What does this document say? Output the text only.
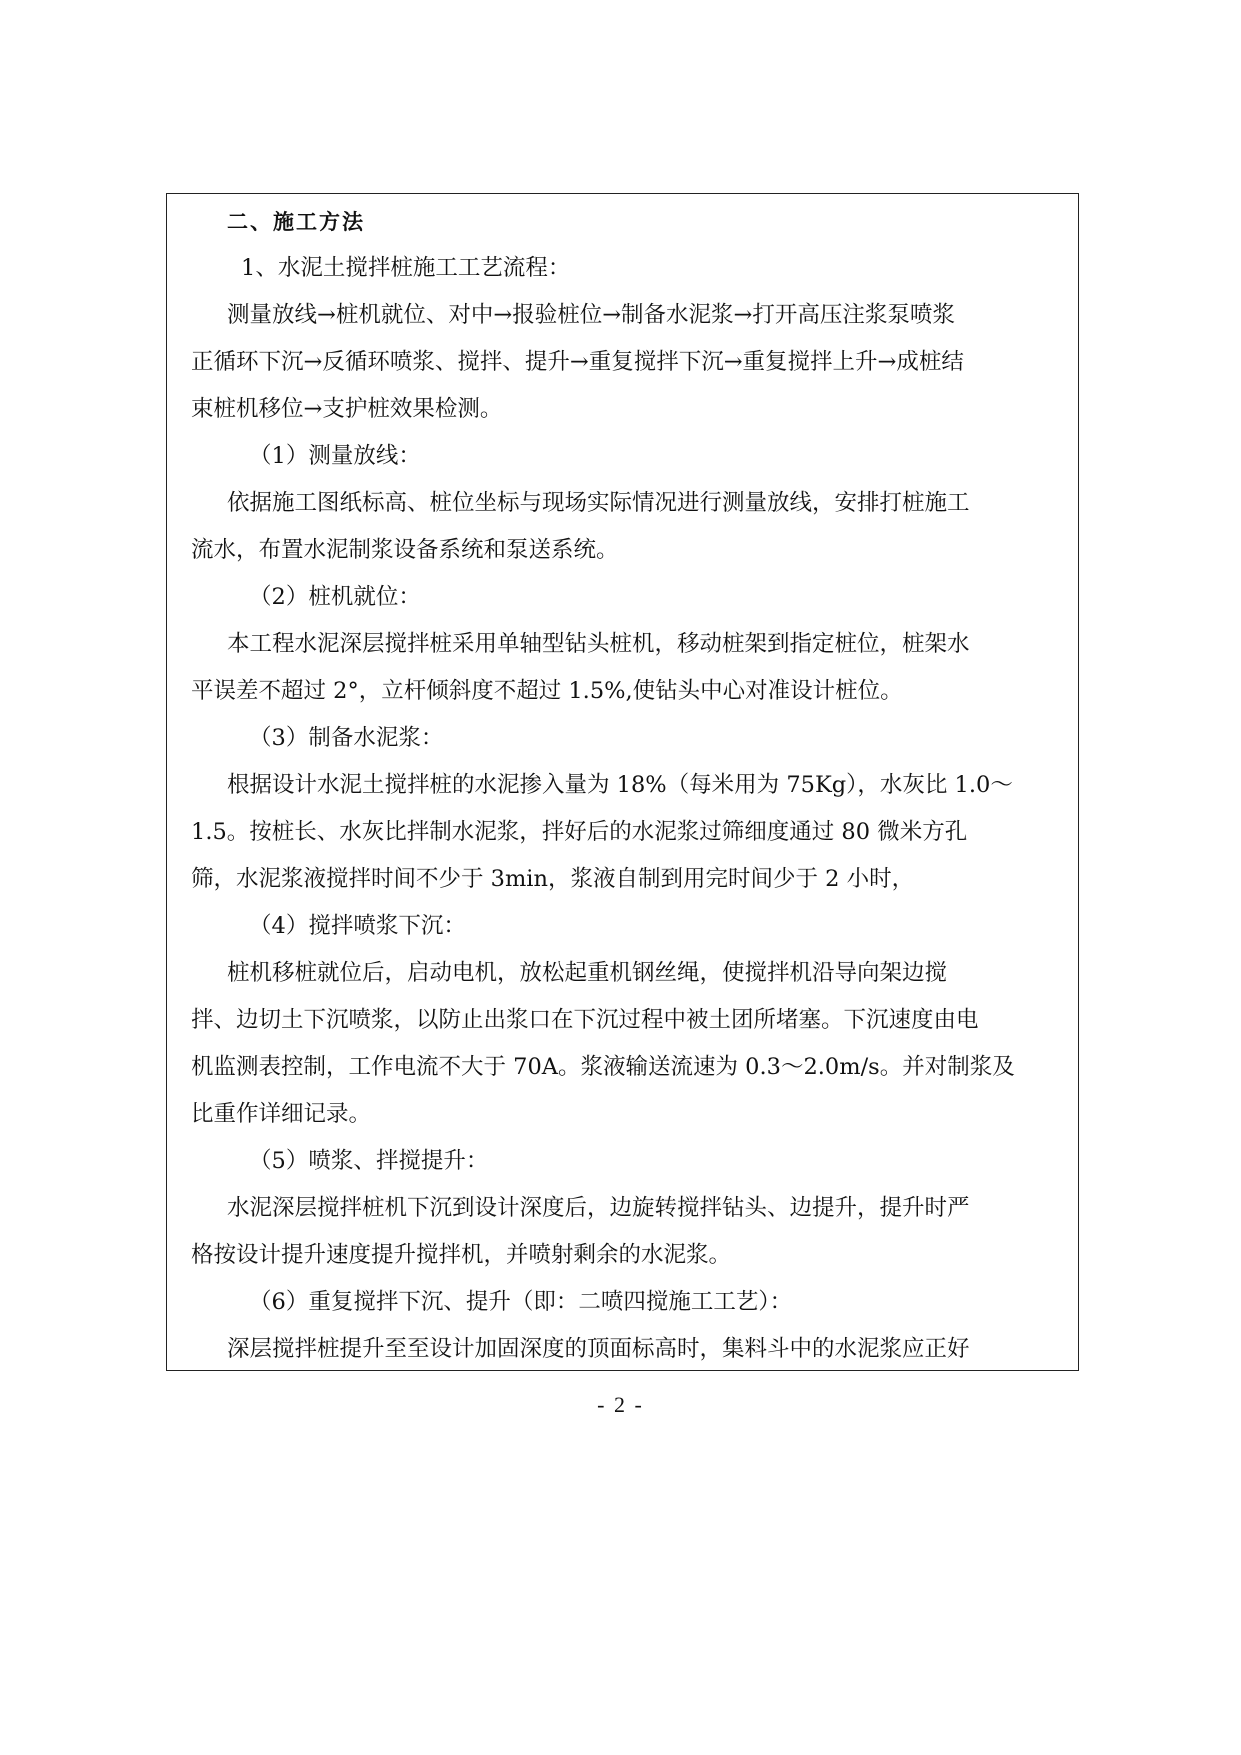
二、施工方法

1、水泥土搅拌桩施工工艺流程：

测量放线→桩机就位、对中→报验桩位→制备水泥浆→打开高压注浆泵喷浆

正循环下沉→反循环喷浆、搅拌、提升→重复搅拌下沉→重复搅拌上升→成桩结

束桩机移位→支护桩效果检测。

（1）测量放线：

依据施工图纸标高、桩位坐标与现场实际情况进行测量放线，安排打桩施工

流水，布置水泥制浆设备系统和泵送系统。

（2）桩机就位：

本工程水泥深层搅拌桩采用单轴型钻头桩机，移动桩架到指定桩位，桩架水

平误差不超过 2°，立杆倾斜度不超过 1.5%,使钻头中心对准设计桩位。

（3）制备水泥浆：

根据设计水泥土搅拌桩的水泥掺入量为 18%（每米用为 75Kg），水灰比 1.0～

1.5。按桩长、水灰比拌制水泥浆，拌好后的水泥浆过筛细度通过 80 微米方孔

筛，水泥浆液搅拌时间不少于 3min，浆液自制到用完时间少于 2 小时，

（4）搅拌喷浆下沉：

桩机移桩就位后，启动电机，放松起重机钢丝绳，使搅拌机沿导向架边搅

拌、边切土下沉喷浆，以防止出浆口在下沉过程中被土团所堵塞。下沉速度由电

机监测表控制，工作电流不大于 70A。浆液输送流速为 0.3～2.0m/s。并对制浆及

比重作详细记录。

（5）喷浆、拌搅提升：

水泥深层搅拌桩机下沉到设计深度后，边旋转搅拌钻头、边提升，提升时严

格按设计提升速度提升搅拌机，并喷射剩余的水泥浆。

（6）重复搅拌下沉、提升（即：二喷四搅施工工艺）：

深层搅拌桩提升至至设计加固深度的顶面标高时，集料斗中的水泥浆应正好

- 2 -
